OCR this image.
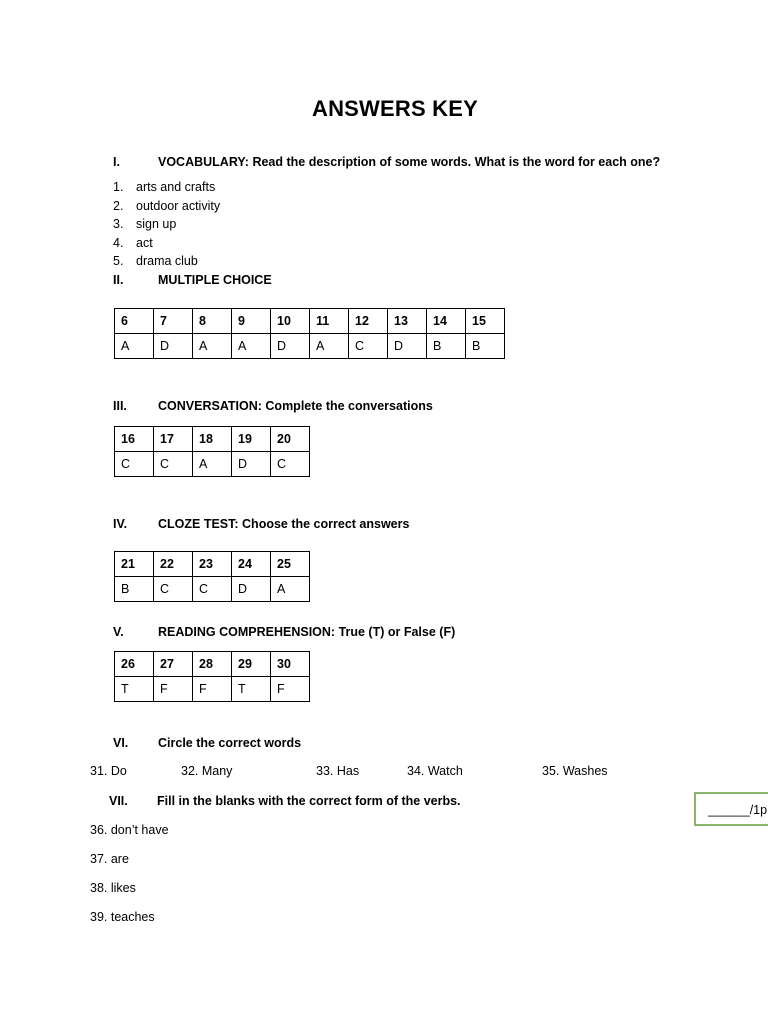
ANSWERS KEY
I.	VOCABULARY: Read the description of some words. What is the word for each one?
1. arts and crafts
2. outdoor activity
3. sign up
4. act
5. drama club
II.	MULTIPLE CHOICE
6	7	8	9	10	11	12	13	14	15
A	D	A	A	D	A	C	D	B	B
III. CONVERSATION: Complete the conversations
16	17	18	19	20
C	C	A	D	C
IV. CLOZE TEST: Choose the correct answers
21	22	23	24	25
B	C	C	D	A
V.	READING COMPREHENSION: True (T) or False (F)
26	27	28	29	30
T	F	F	T	F
VI. Circle the correct words
31. Do	32. Many	33. Has	34. Watch	35. Washes
VII. Fill in the blanks with the correct form of the verbs.
______/1p
36. don’t have
37. are
38. likes
39. teaches
